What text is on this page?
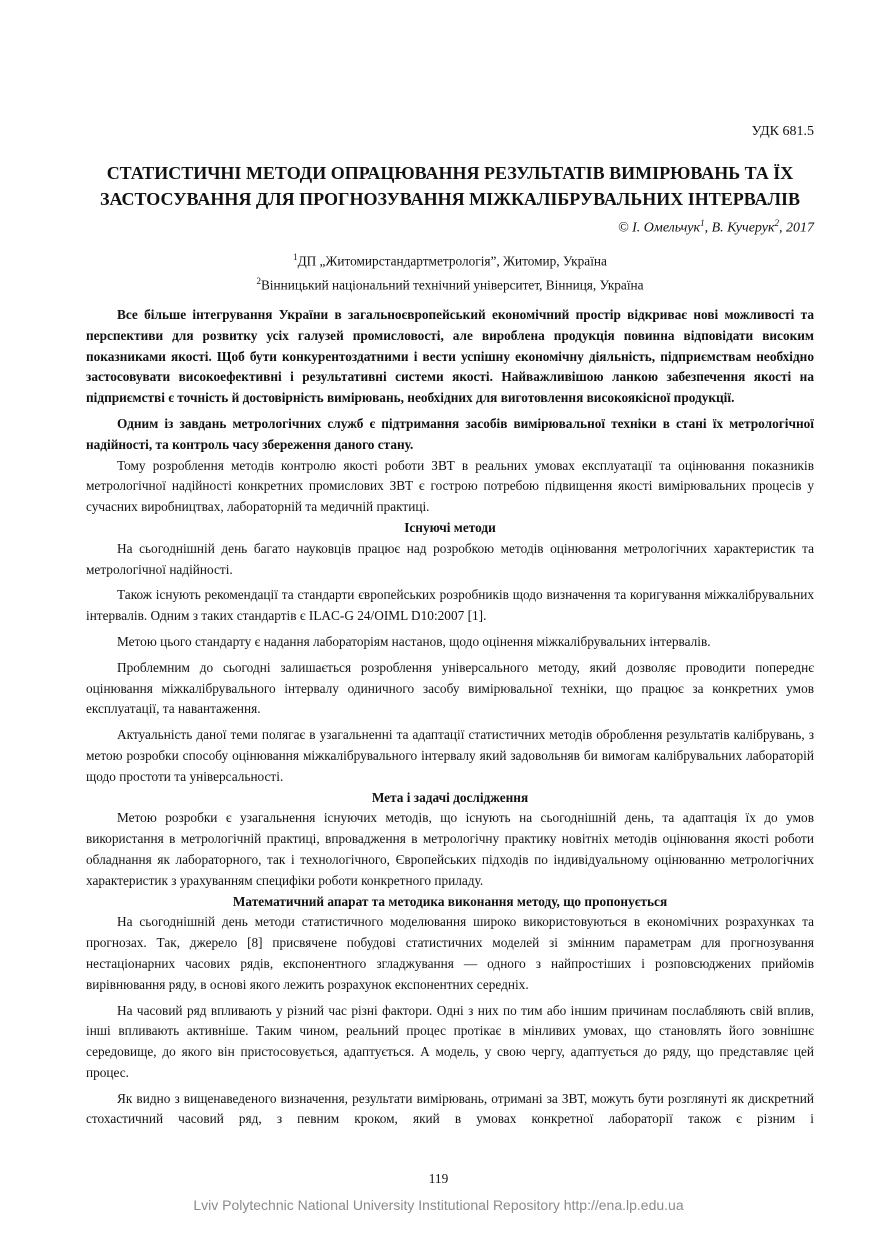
УДК 681.5
СТАТИСТИЧНІ МЕТОДИ ОПРАЦЮВАННЯ РЕЗУЛЬТАТІВ ВИМІРЮВАНЬ ТА ЇХ ЗАСТОСУВАННЯ ДЛЯ ПРОГНОЗУВАННЯ МІЖКАЛІБРУВАЛЬНИХ ІНТЕРВАЛІВ
© І. Омельчук$^1$, В. Кучерук$^2$, 2017
$^1$ДП „Житомирстандартметрологія”, Житомир, Україна
$^2$Вінницький національний технічний університет, Вінниця, Україна

Все більше інтегрування України в загальноєвропейський економічний простір відкриває нові можливості та перспективи для розвитку усіх галузей промисловості, але вироблена продукція повинна відповідати високим показниками якості. Щоб бути конкурентоздатними і вести успішну економічну діяльність, підприємствам необхідно застосовувати високоефективні і результативні системи якості. Найважливішою ланкою забезпечення якості на підприємстві є точність й достовірність вимірювань, необхідних для виготовлення високоякісної продукції.

Одним із завдань метрологічних служб є підтримання засобів вимірювальної техніки в стані їх метрологічної надійності, та контроль часу збереження даного стану.

Тому розроблення методів контролю якості роботи ЗВТ в реальних умовах експлуатації та оцінювання показників метрологічної надійності конкретних промислових ЗВТ є гострою потребою підвищення якості вимірювальних процесів у сучасних виробництвах, лабораторній та медичній практиці.

Існуючі методи

На сьогоднішній день багато науковців працює над розробкою методів оцінювання метрологічних характеристик та метрологічної надійності.

Також існують рекомендації та стандарти європейських розробників щодо визначення та коригування міжкалібрувальних інтервалів. Одним з таких стандартів є ILAC-G 24/OIML D10:2007 [1].

Метою цього стандарту є надання лабораторіям настанов, щодо оцінення міжкалібрувальних інтервалів.

Проблемним до сьогодні залишається розроблення універсального методу, який дозволяє проводити попереднє оцінювання міжкалібрувального інтервалу одиничного засобу вимірювальної техніки, що працює за конкретних умов експлуатації, та навантаження.

Актуальність даної теми полягає в узагальненні та адаптації статистичних методів оброблення результатів калібрувань, з метою розробки способу оцінювання міжкалібрувального інтервалу який задовольняв би вимогам калібрувальних лабораторій щодо простоти та універсальності.

Мета і задачі дослідження

Метою розробки є узагальнення існуючих методів, що існують на сьогоднішній день, та адаптація їх до умов використання в метрологічній практиці, впровадження в метрологічну практику новітніх методів оцінювання якості роботи обладнання як лабораторного, так і технологічного, Європейських підходів по індивідуальному оцінюванню метрологічних характеристик з урахуванням специфіки роботи конкретного приладу.

Математичний апарат та методика виконання методу, що пропонується

На сьогоднішній день методи статистичного моделювання широко використовуються в економічних розрахунках та прогнозах. Так, джерело [8] присвячене побудові статистичних моделей зі змінним параметрам для прогнозування нестаціонарних часових рядів, експонентного згладжування — одного з найпростіших і розповсюджених прийомів вирівнювання ряду, в основі якого лежить розрахунок експонентних середніх.

На часовий ряд впливають у різний час різні фактори. Одні з них по тим або іншим причинам послабляють свій вплив, інші впливають активніше. Таким чином, реальний процес протікає в мінливих умовах, що становлять його зовнішнє середовище, до якого він пристосовується, адаптується. А модель, у свою чергу, адаптується до ряду, що представляє цей процес.

Як видно з вищенаведеного визначення, результати вимірювань, отримані за ЗВТ, можуть бути розглянуті як дискретний стохастичний часовий ряд, з певним кроком, який в умовах конкретної лабораторії також є різним і

119
Lviv Polytechnic National University Institutional Repository http://ena.lp.edu.ua
